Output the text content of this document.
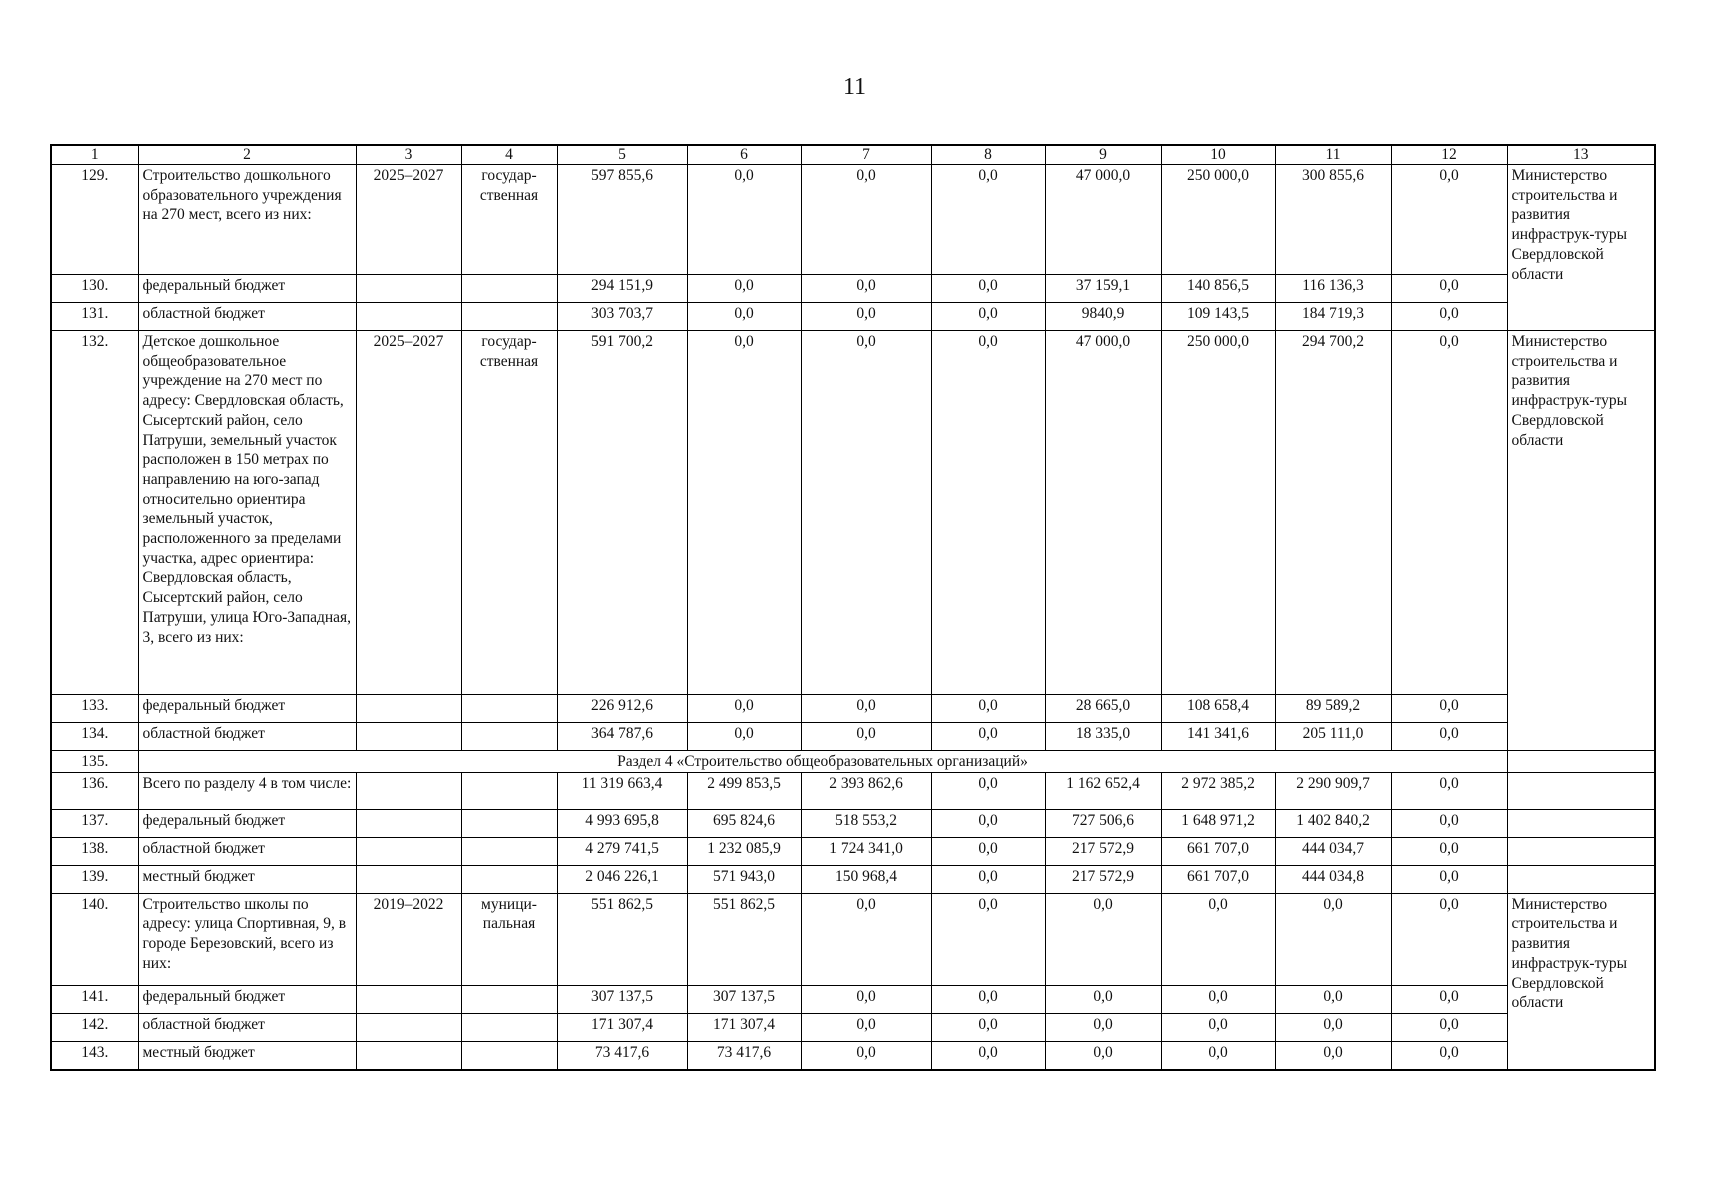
11
1	2	3	4	5	6	7	8	9	10	11	12	13
129.	Строительство дошкольного образовательного учреждения на 270 мест, всего из них:	2025–2027	государ-ственная	597 855,6	0,0	0,0	0,0	47 000,0	250 000,0	300 855,6	0,0	Министерство строительства и развития инфраструк-туры Свердловской области
130.	федеральный бюджет			294 151,9	0,0	0,0	0,0	37 159,1	140 856,5	116 136,3	0,0	
131.	областной бюджет			303 703,7	0,0	0,0	0,0	9840,9	109 143,5	184 719,3	0,0	
132.	Детское дошкольное общеобразовательное учреждение на 270 мест по адресу: Свердловская область, Сысертский район, село Патруши, земельный участок расположен в 150 метрах по направлению на юго-запад относительно ориентира земельный участок, расположенного за пределами участка, адрес ориентира: Свердловская область, Сысертский район, село Патруши, улица Юго-Западная, 3, всего из них:	2025–2027	государ-ственная	591 700,2	0,0	0,0	0,0	47 000,0	250 000,0	294 700,2	0,0	Министерство строительства и развития инфраструк-туры Свердловской области
133.	федеральный бюджет			226 912,6	0,0	0,0	0,0	28 665,0	108 658,4	89 589,2	0,0	
134.	областной бюджет			364 787,6	0,0	0,0	0,0	18 335,0	141 341,6	205 111,0	0,0	
135.	Раздел 4 «Строительство общеобразовательных организаций»											
136.	Всего по разделу 4 в том числе:			11 319 663,4	2 499 853,5	2 393 862,6	0,0	1 162 652,4	2 972 385,2	2 290 909,7	0,0	
137.	федеральный бюджет			4 993 695,8	695 824,6	518 553,2	0,0	727 506,6	1 648 971,2	1 402 840,2	0,0	
138.	областной бюджет			4 279 741,5	1 232 085,9	1 724 341,0	0,0	217 572,9	661 707,0	444 034,7	0,0	
139.	местный бюджет			2 046 226,1	571 943,0	150 968,4	0,0	217 572,9	661 707,0	444 034,8	0,0	
140.	Строительство школы по адресу: улица Спортивная, 9, в городе Березовский, всего из них:	2019–2022	муници-пальная	551 862,5	551 862,5	0,0	0,0	0,0	0,0	0,0	0,0	Министерство строительства и развития инфраструк-туры Свердловской области
141.	федеральный бюджет			307 137,5	307 137,5	0,0	0,0	0,0	0,0	0,0	0,0	
142.	областной бюджет			171 307,4	171 307,4	0,0	0,0	0,0	0,0	0,0	0,0	
143.	местный бюджет			73 417,6	73 417,6	0,0	0,0	0,0	0,0	0,0	0,0	
